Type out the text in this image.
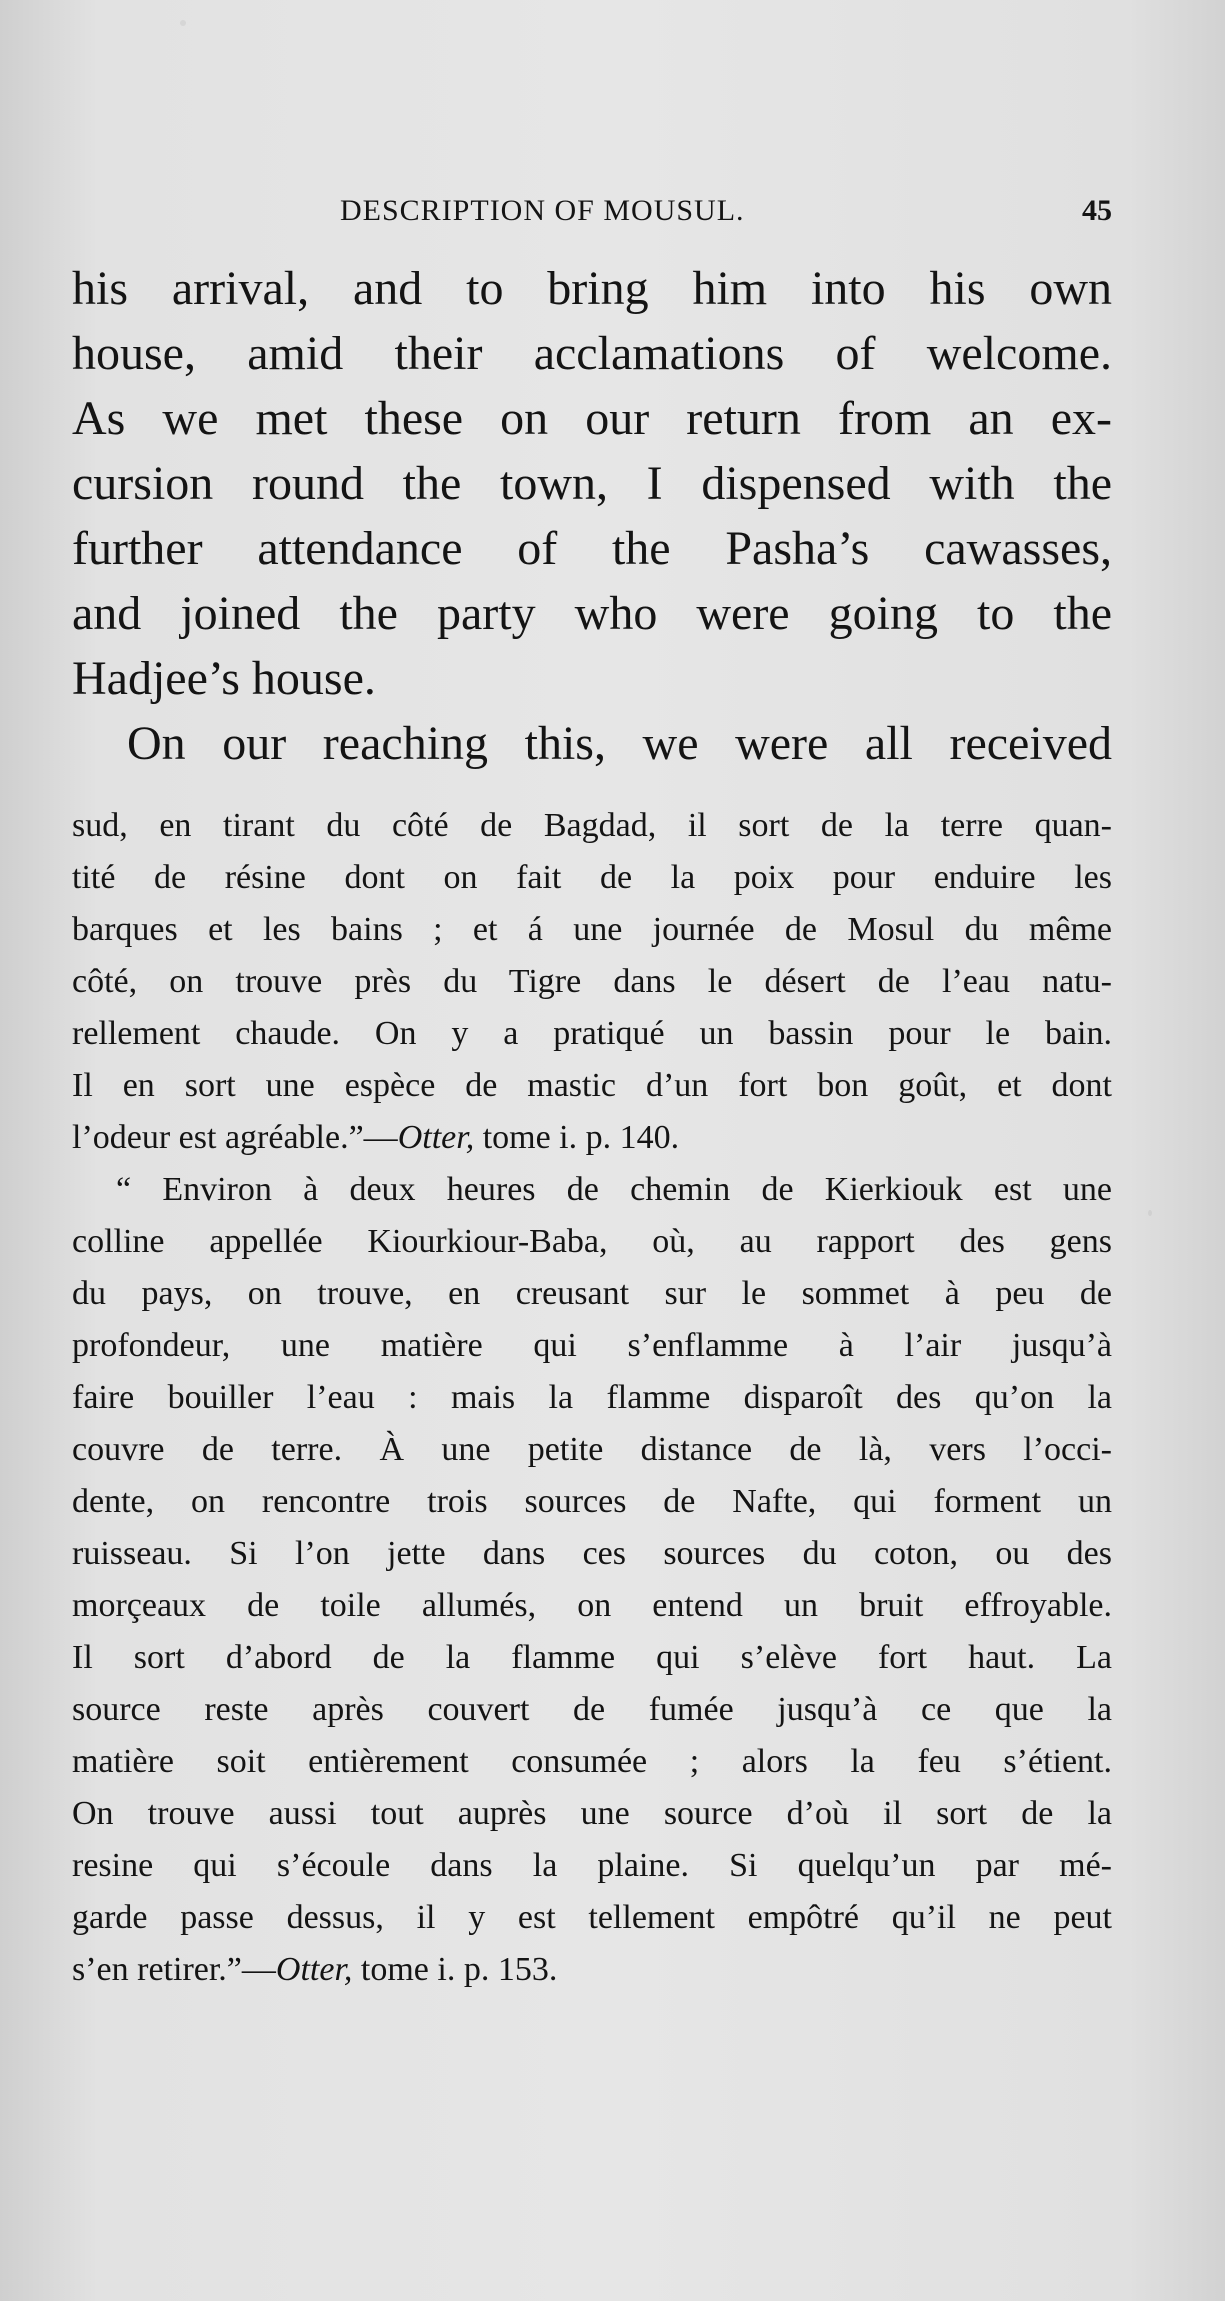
DESCRIPTION OF MOUSUL.	45
his arrival, and to bring him into his own
house, amid their acclamations of welcome.
As we met these on our return from an ex-
cursion round the town, I dispensed with the
further attendance of the Pasha’s cawasses,
and joined the party who were going to the
Hadjee’s house.
On our reaching this, we were all received
sud, en tirant du côté de Bagdad, il sort de la terre quan-
tité de résine dont on fait de la poix pour enduire les
barques et les bains ; et á une journée de Mosul du même
côté, on trouve près du Tigre dans le désert de l’eau natu-
rellement chaude. On y a pratiqué un bassin pour le bain.
Il en sort une espèce de mastic d’un fort bon goût, et dont
l’odeur est agréable.”—Otter, tome i. p. 140.
“ Environ à deux heures de chemin de Kierkiouk est une
colline appellée Kiourkiour-Baba, où, au rapport des gens
du pays, on trouve, en creusant sur le sommet à peu de
profondeur, une matière qui s’enflamme à l’air jusqu’à
faire bouiller l’eau : mais la flamme disparoît des qu’on la
couvre de terre. À une petite distance de là, vers l’occi-
dente, on rencontre trois sources de Nafte, qui forment un
ruisseau. Si l’on jette dans ces sources du coton, ou des
morçeaux de toile allumés, on entend un bruit effroyable.
Il sort d’abord de la flamme qui s’elève fort haut. La
source reste après couvert de fumée jusqu’à ce que la
matière soit entièrement consumée ; alors la feu s’étient.
On trouve aussi tout auprès une source d’où il sort de la
resine qui s’écoule dans la plaine. Si quelqu’un par mé-
garde passe dessus, il y est tellement empôtré qu’il ne peut
s’en retirer.”—Otter, tome i. p. 153.
